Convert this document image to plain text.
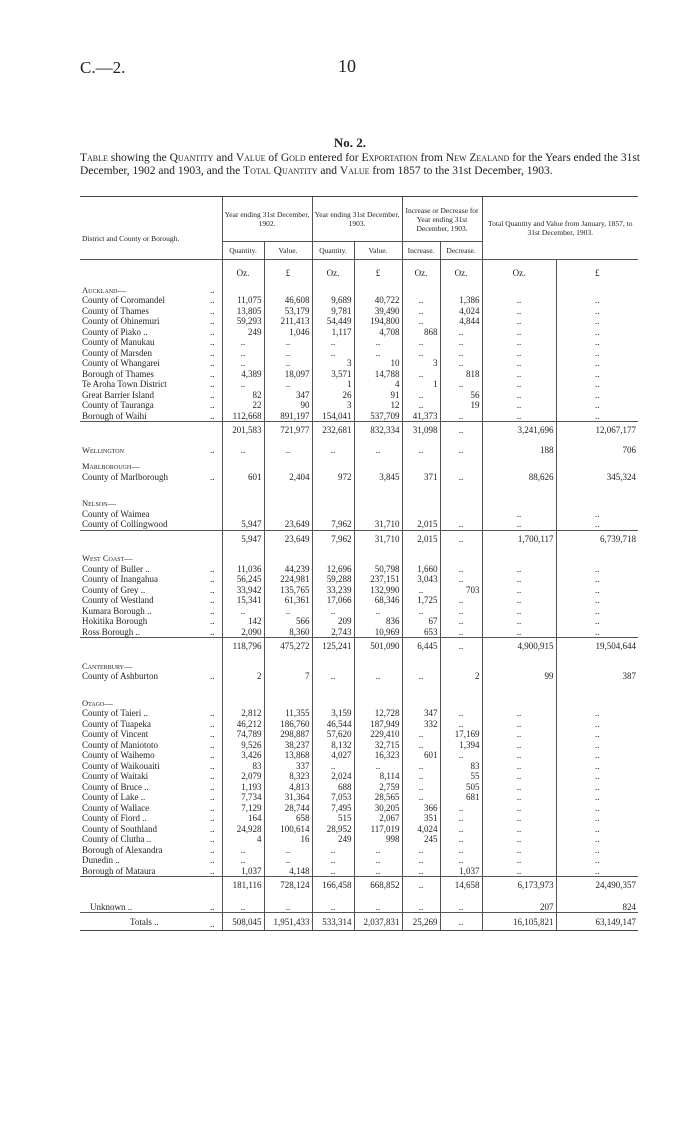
C.—2.	10
No. 2.
Table showing the Quantity and Value of Gold entered for Exportation from New Zealand for the Years ended the 31st December, 1902 and 1903, and the Total Quantity and Value from 1857 to the 31st December, 1903.
District and County or Borough.		Year ending 31st December, 1902.		Year ending 31st December, 1903.		Increase or Decrease for Year ending 31st December, 1903.		Total Quantity and Value from January, 1857, to 31st December, 1903.	
		Quantity.	Value.	Quantity.	Value.	Increase.	Decrease.		
		Oz.	£	Oz.	£	Oz.	Oz.	Oz.	£
Auckland—	..								
County of Coromandel	..	11,075	46,608	9,689	40,722	..	1,386	..	..
County of Thames	..	13,805	53,179	9,781	39,490	..	4,024	..	..
County of Ohinemuri	..	59,293	211,413	54,449	194,800	..	4,844	..	..
County of Piako ..	..	249	1,046	1,117	4,708	868	..	..	..
County of Manukau	..	..	..	..	..	..	..	..	..
County of Marsden	..	..	..	..	..	..	..	..	..
County of Whangarei	..	..	..	3	10	3	..	..	..
Borough of Thames	..	4,389	18,097	3,571	14,788	..	818	..	..
Te Aroha Town District	..	..	..	1	4	1	..	..	..
Great Barrier Island	..	82	347	26	91	..	56	..	..
County of Tauranga	..	22	90	3	12	..	19	..	..
Borough of Waihi	..	112,668	891,197	154,041	537,709	41,373	..	..	..
		201,583	721,977	232,681	832,334	31,098	..	3,241,696	12,067,177
Wellington	..	..	..	..	..	..	..	188	706
Marlborough—									
County of Marlborough	..	601	2,404	972	3,845	371	..	88,626	345,324

Nelson—									
County of Waimea								..	..
County of Collingwood		5,947	23,649	7,962	31,710	2,015	..	..	..
		5,947	23,649	7,962	31,710	2,015	..	1,700,117	6,739,718
West Coast—									
County of Buller ..	..	11,036	44,239	12,696	50,798	1,660	..	..	..
County of Inangahua	..	56,245	224,981	59,288	237,151	3,043	..	..	..
County of Grey ..	..	33,942	135,765	33,239	132,990	..	703	..	..
County of Westland	..	15,341	61,361	17,066	68,346	1,725	..	..	..
Kumara Borough ..	..	..	..	..	..	..	..	..	..
Hokitika Borough	..	142	566	209	836	67	..	..	..
Ross Borough ..	..	2,090	8,360	2,743	10,969	653	..	..	..
		118,796	475,272	125,241	501,090	6,445	..	4,900,915	19,504,644
Canterbury—									
County of Ashburton	..	2	7	..	..	..	2	99	387

Otago—									
County of Taieri ..	..	2,812	11,355	3,159	12,728	347	..	..	..
County of Tuapeka	..	46,212	186,760	46,544	187,949	332	..	..	..
County of Vincent	..	74,789	298,887	57,620	229,410	..	17,169	..	..
County of Maniototo	..	9,526	38,237	8,132	32,715	..	1,394	..	..
County of Waihemo	..	3,426	13,868	4,027	16,323	601	..	..	..
County of Waikouaiti	..	83	337	..	..	..	83	..	..
County of Waitaki	..	2,079	8,323	2,024	8,114	..	55	..	..
County of Bruce ..	..	1,193	4,813	688	2,759	..	505	..	..
County of Lake ..	..	7,734	31,364	7,053	28,565	..	681	..	..
County of Wallace	..	7,129	28,744	7,495	30,205	366	..	..	..
County of Fiord ..	..	164	658	515	2,067	351	..	..	..
County of Southland	..	24,928	100,614	28,952	117,019	4,024	..	..	..
County of Clutha ..	..	4	16	249	998	245	..	..	..
Borough of Alexandra	..	..	..	..	..	..	..	..	..
Dunedin ..	..	..	..	..	..	..	..	..	..
Borough of Mataura	..	1,037	4,148	..	..	..	1,037	..	..
		181,116	728,124	166,458	668,852	..	14,658	6,173,973	24,490,357
Unknown ..	..	..	..	..	..	..	..	207	824
Totals ..	..	508,045	1,951,433	533,314	2,037,831	25,269	..	16,105,821	63,149,147
